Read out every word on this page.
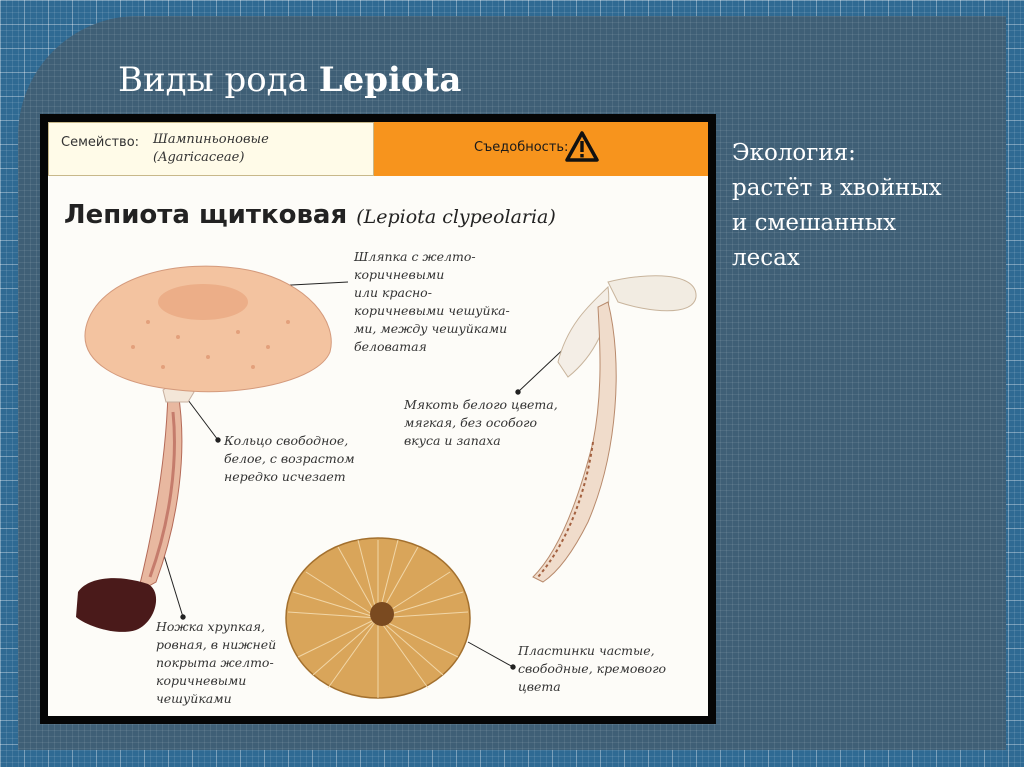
Виды рода Lepiota
Экология:
растёт в хвойных
и смешанных
лесах
Семейство: Шампиньоновые
(Agaricaceae)
Съедобность:
Лепиота щитковая (Lepiota clypeolaria)
Шляпка с желто-
коричневыми
или красно-
коричневыми чешуйка-
ми, между чешуйками
беловатая
Кольцо свободное,
белое, с возрастом
нередко исчезает
Мякоть белого цвета,
мягкая, без особого
вкуса и запаха
Ножка хрупкая,
ровная, в нижней
покрыта желто-
коричневыми
чешуйками
Пластинки частые,
свободные, кремового
цвета
